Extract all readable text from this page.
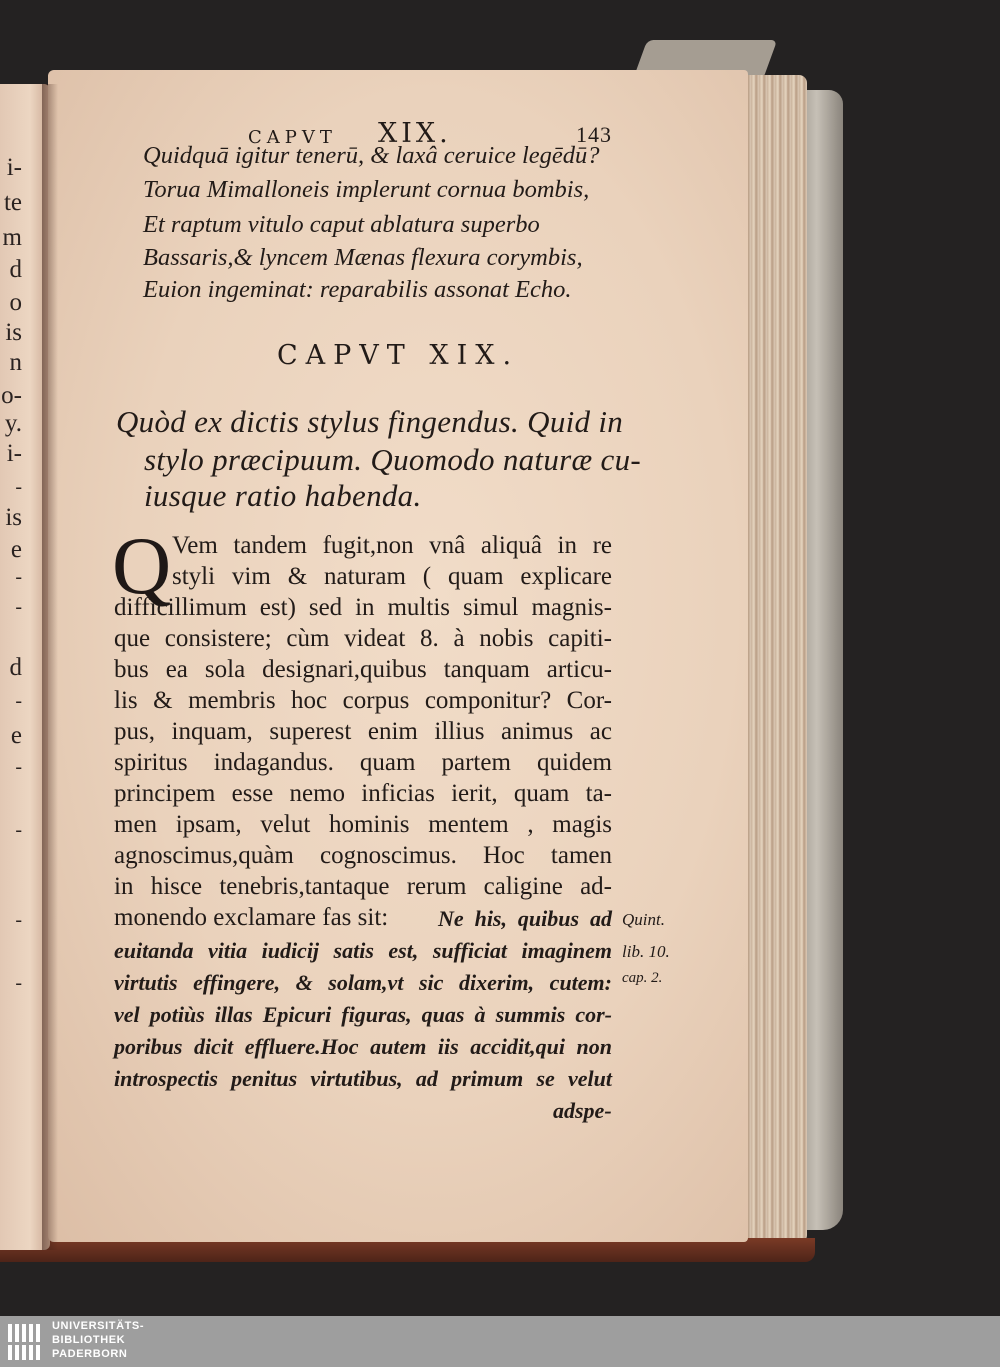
i-
te
m
d
o
is
n
o-
y.
i-
-
is
e
-
-
d
-
e
-
-
-
-
CAPVT XIX.	143
Quidquā igitur tenerū, & laxâ ceruice legēdū?
Torua Mimalloneis implerunt cornua bombis,
Et raptum vitulo caput ablatura superbo
Bassaris,& lyncem Mænas flexura corymbis,
Euion ingeminat: reparabilis assonat Echo.
CAPVT XIX.
Quòd ex dictis stylus fingendus. Quid in
stylo præcipuum. Quomodo naturæ cu-
iusque ratio habenda.
Q Vem tandem fugit,non vnâ aliquâ in re
styli vim & naturam ( quam explicare
difficillimum est) sed in multis simul magnis-
que consistere; cùm videat 8. à nobis capiti-
bus ea sola designari,quibus tanquam articu-
lis & membris hoc corpus componitur? Cor-
pus, inquam, superest enim illius animus ac
spiritus indagandus. quam partem quidem
principem esse nemo inficias ierit, quam ta-
men ipsam, velut hominis mentem , magis
agnoscimus,quàm cognoscimus. Hoc tamen
in hisce tenebris,tantaque rerum caligine ad-
monendo exclamare fas sit:	Ne his, quibus ad
euitanda vitia iudicij satis est, sufficiat imaginem
virtutis effingere, & solam,vt sic dixerim, cutem:
vel potiùs illas Epicuri figuras, quas à summis cor-
poribus dicit effluere.Hoc autem iis accidit,qui non
introspectis penitus virtutibus, ad primum se velut
adspe-
Quint.
lib. 10.
cap. 2.
UNIVERSITÄTS-
BIBLIOTHEK
PADERBORN
